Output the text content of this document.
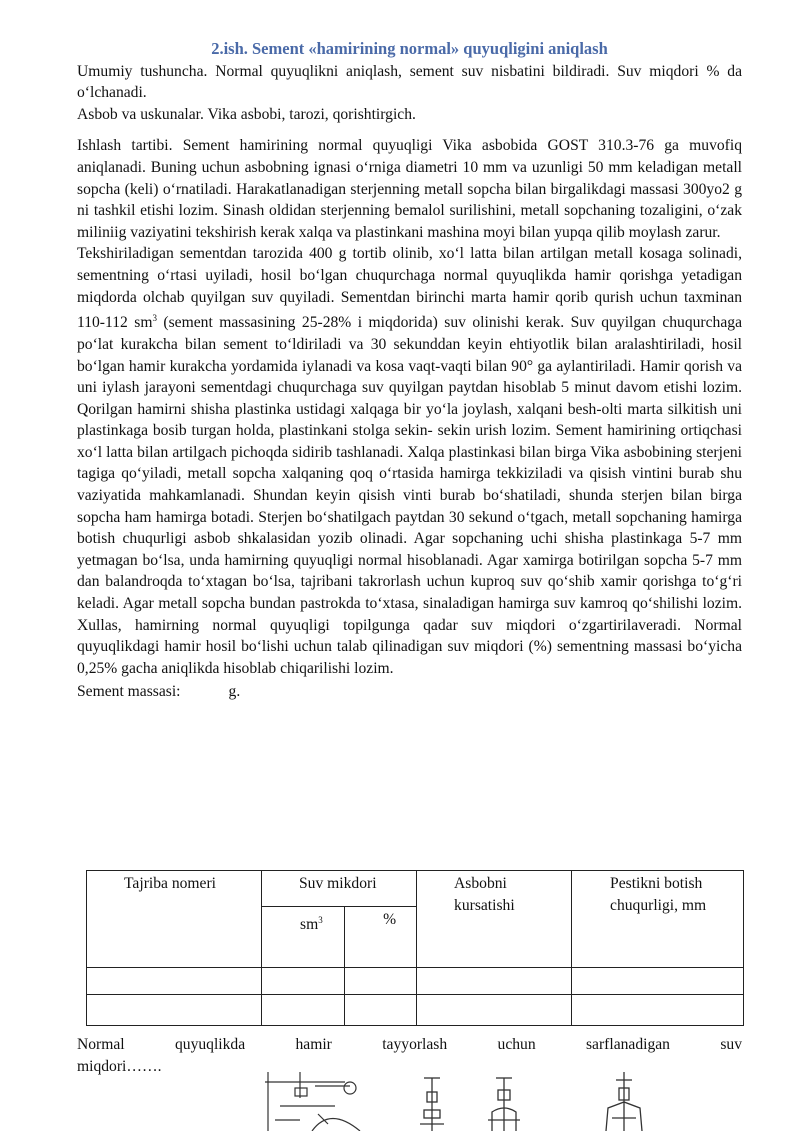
2.ish. Sement «hamirining normal» quyuqligini aniqlash

Umumiy tushuncha. Normal quyuqlikni aniqlash, sement suv nisbatini bildiradi. Suv miqdori % da o‘lchanadi.

Asbob va uskunalar. Vika asbobi, tarozi, qorishtirgich.

Ishlash tartibi. Sement hamirining normal quyuqligi Vika asbobida GOST 310.3-76 ga muvofiq aniqlanadi. Buning uchun asbobning ignasi o‘rniga diametri 10 mm va uzunligi 50 mm keladigan metall sopcha (keli) o‘rnatiladi. Harakatlanadigan sterjenning metall sopcha bilan birgalikdagi massasi 300yo2 g ni tashkil etishi lozim. Sinash oldidan sterjenning bemalol surilishini, metall sopchaning tozaligini, o‘zak miliniig vaziyatini tekshirish kerak xalqa va plastinkani mashina moyi bilan yupqa qilib moylash zarur.

Tekshiriladigan sementdan tarozida 400 g tortib olinib, xo‘l latta bilan artilgan metall kosaga solinadi, sementning o‘rtasi uyiladi, hosil bo‘lgan chuqurchaga normal quyuqlikda hamir qorishga yetadigan miqdorda olchab quyilgan suv quyiladi. Sementdan birinchi marta hamir qorib qurish uchun taxminan 110-112 $sm^3$ (sement massasining 25-28% i miqdorida) suv olinishi kerak. Suv quyilgan chuqurchaga po‘lat kurakcha bilan sement to‘ldiriladi va 30 sekunddan keyin ehtiyotlik bilan aralashtiriladi, hosil bo‘lgan hamir kurakcha yordamida iylanadi va kosa vaqt-vaqti bilan 90° ga aylantiriladi. Hamir qorish va uni iylash jarayoni sementdagi chuqurchaga suv quyilgan paytdan hisoblab 5 minut davom etishi lozim. Qorilgan hamirni shisha plastinka ustidagi xalqaga bir yo‘la joylash, xalqani besh-olti marta silkitish uni plastinkaga bosib turgan holda, plastinkani stolga sekin- sekin urish lozim. Sement hamirining ortiqchasi xo‘l latta bilan artilgach pichoqda sidirib tashlanadi. Xalqa plastinkasi bilan birga Vika asbobining sterjeni tagiga qo‘yiladi, metall sopcha xalqaning qoq o‘rtasida hamirga tekkiziladi va qisish vintini burab shu vaziyatida mahkamlanadi. Shundan keyin qisish vinti burab bo‘shatiladi, shunda sterjen bilan birga sopcha ham hamirga botadi. Sterjen bo‘shatilgach paytdan 30 sekund o‘tgach, metall sopchaning hamirga botish chuqurligi asbob shkalasidan yozib olinadi. Agar sopchaning uchi shisha plastinkaga 5-7 mm yetmagan bo‘lsa, unda hamirning quyuqligi normal hisoblanadi. Agar xamirga botirilgan sopcha 5-7 mm dan balandroqda to‘xtagan bo‘lsa, tajribani takrorlash uchun kuproq suv qo‘shib xamir qorishga to‘g‘ri keladi. Agar metall sopcha bundan pastrokda to‘xtasa, sinaladigan hamirga suv kamroq qo‘shilishi lozim. Xullas, hamirning normal quyuqligi topilgunga qadar suv miqdori o‘zgartirilaveradi. Normal quyuqlikdagi hamir hosil bo‘lishi uchun talab qilinadigan suv miqdori (%) sementning massasi bo‘yicha 0,25% gacha aniqlikda hisoblab chiqarilishi lozim.

Sement massasi:	g.
Tajriba nomeri	Suv mikdori		Asbobni kursatishi	Pestikni botish chuqurligi, mm
	$sm^3$	%		

Normal	quyuqlikda	hamir	tayyorlash	uchun	sarflanadigan	suv
miqdori…….
